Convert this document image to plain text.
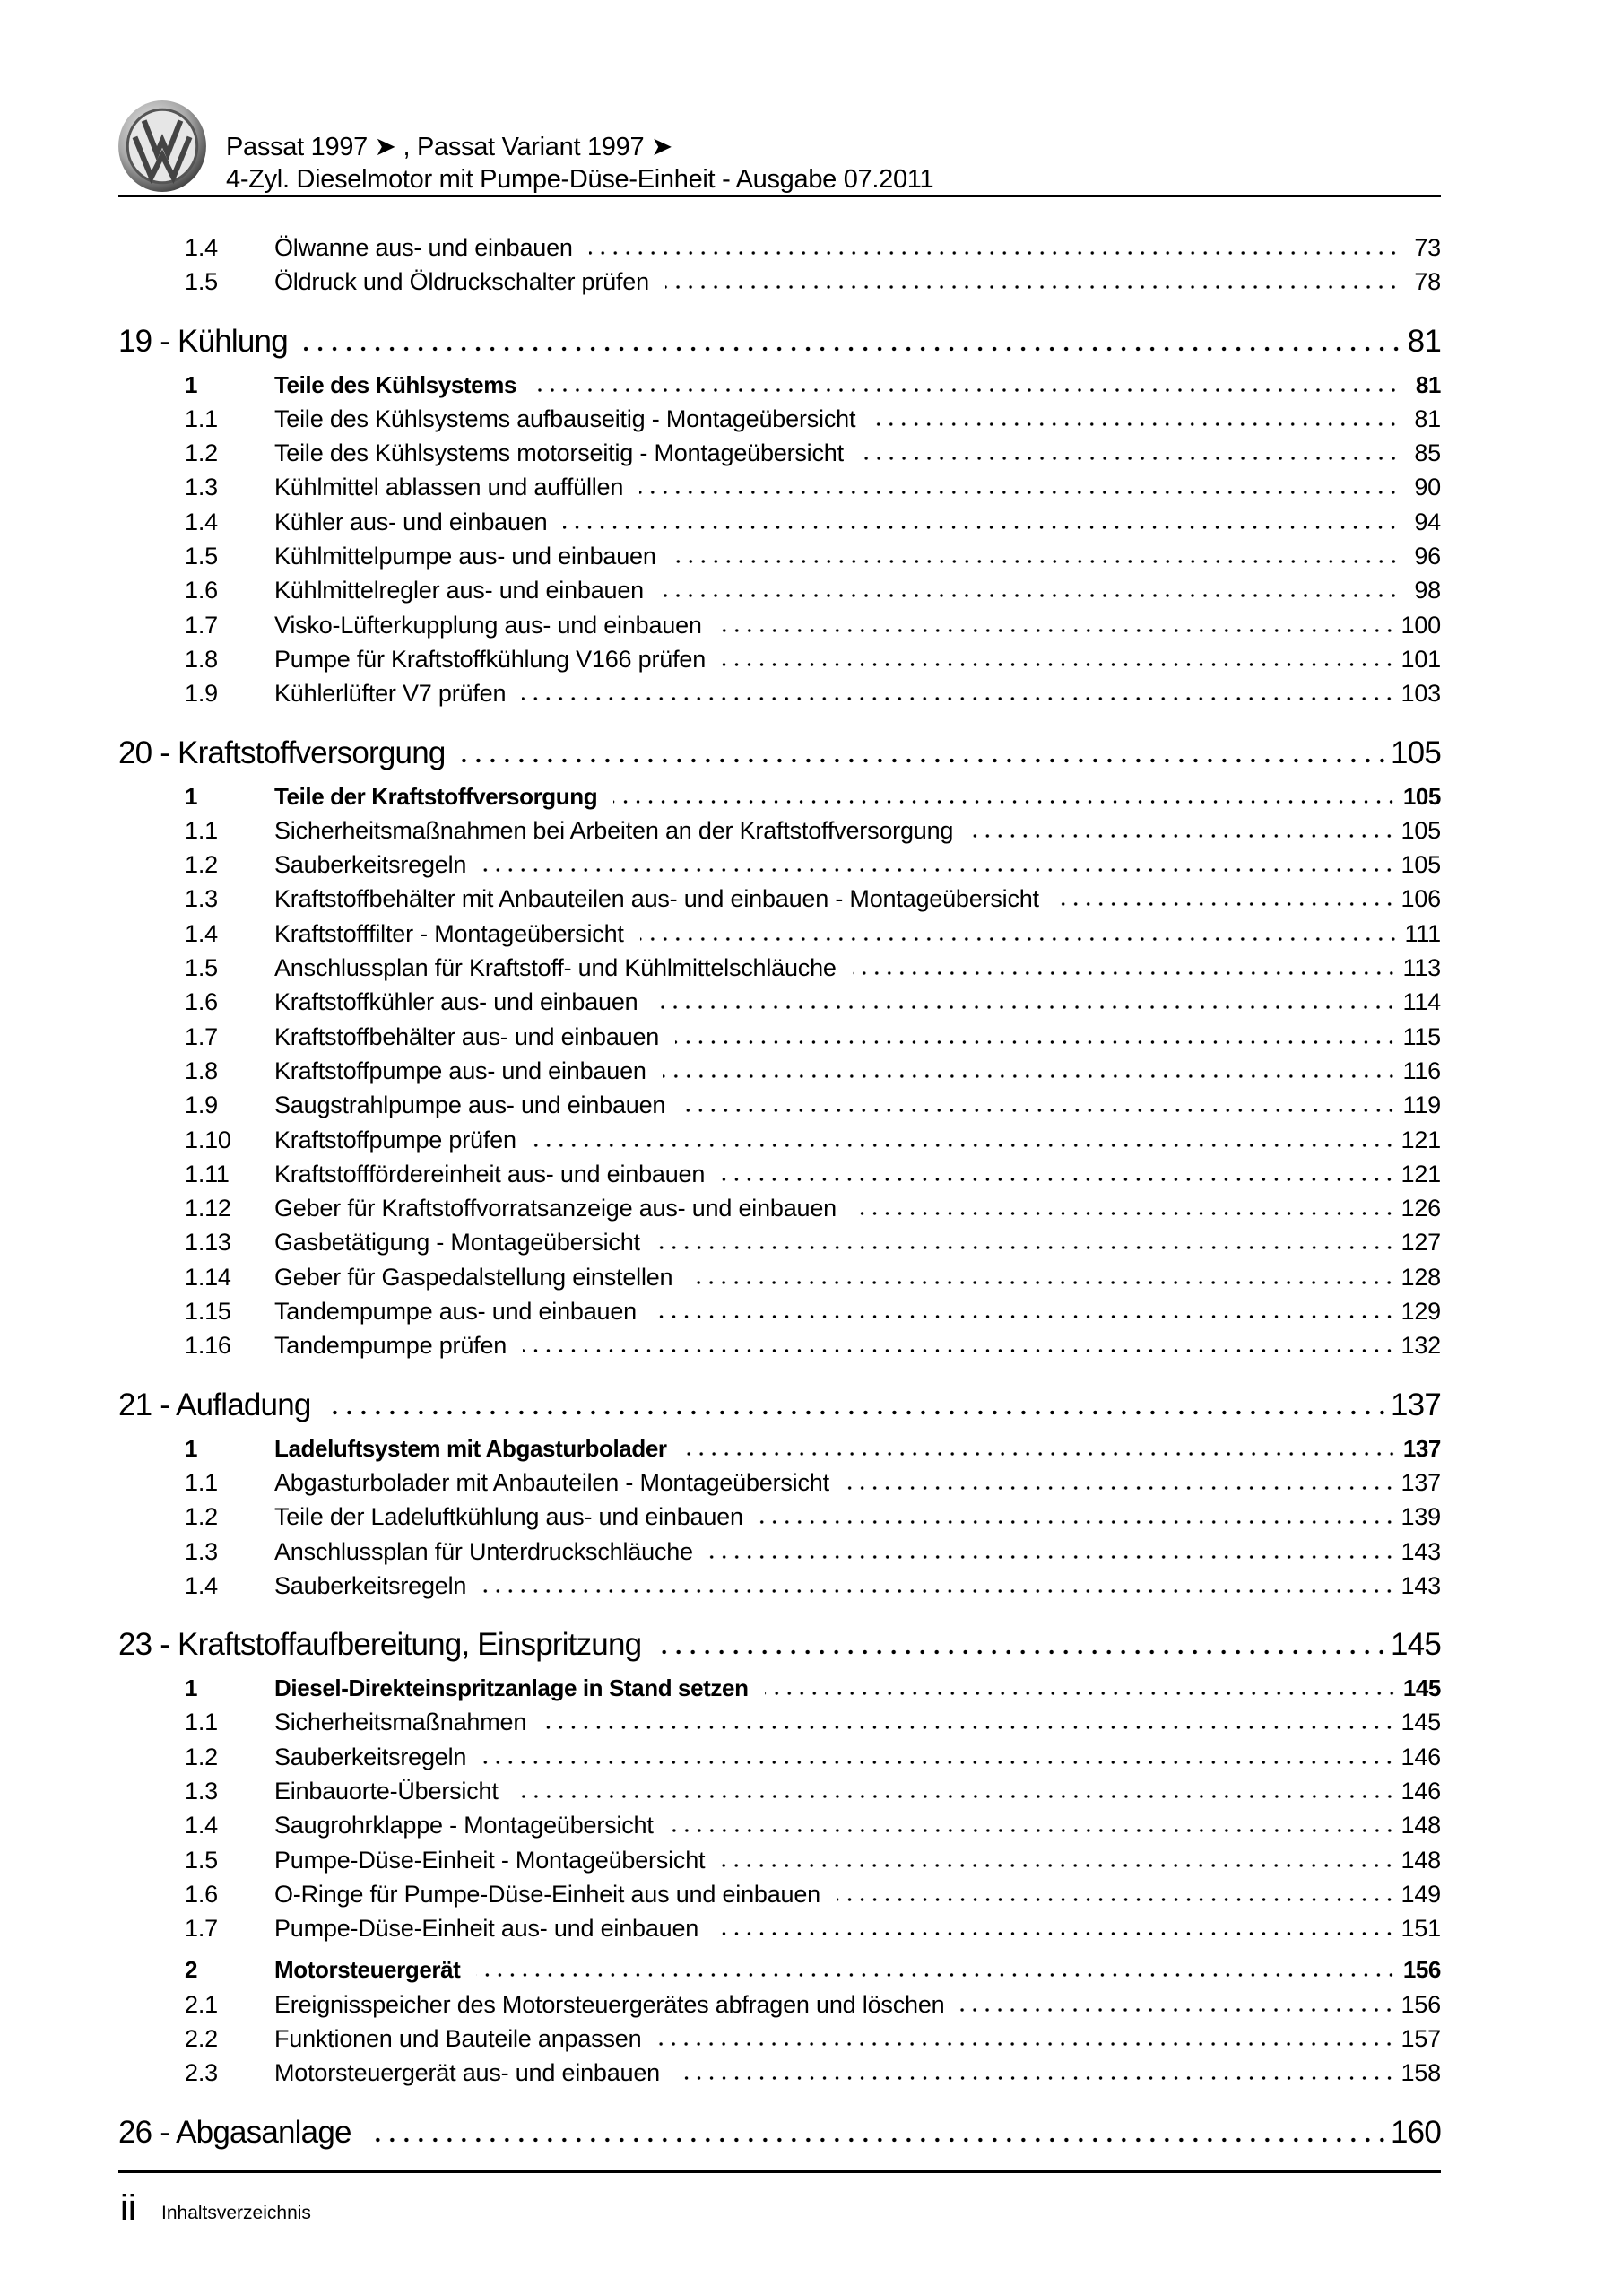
Passat 1997 ➤ , Passat Variant 1997 ➤
4-Zyl. Dieselmotor mit Pumpe-Düse-Einheit - Ausgabe 07.2011
1.4	Ölwanne aus- und einbauen	73
1.5	Öldruck und Öldruckschalter prüfen	78
19 - Kühlung	81
1	Teile des Kühlsystems	81
1.1	Teile des Kühlsystems aufbauseitig - Montageübersicht	81
1.2	Teile des Kühlsystems motorseitig - Montageübersicht	85
1.3	Kühlmittel ablassen und auffüllen	90
1.4	Kühler aus- und einbauen	94
1.5	Kühlmittelpumpe aus- und einbauen	96
1.6	Kühlmittelregler aus- und einbauen	98
1.7	Visko-Lüfterkupplung aus- und einbauen	100
1.8	Pumpe für Kraftstoffkühlung V166 prüfen	101
1.9	Kühlerlüfter V7 prüfen	103
20 - Kraftstoffversorgung	105
1	Teile der Kraftstoffversorgung	105
1.1	Sicherheitsmaßnahmen bei Arbeiten an der Kraftstoffversorgung	105
1.2	Sauberkeitsregeln	105
1.3	Kraftstoffbehälter mit Anbauteilen aus- und einbauen - Montageübersicht	106
1.4	Kraftstofffilter - Montageübersicht	111
1.5	Anschlussplan für Kraftstoff- und Kühlmittelschläuche	113
1.6	Kraftstoffkühler aus- und einbauen	114
1.7	Kraftstoffbehälter aus- und einbauen	115
1.8	Kraftstoffpumpe aus- und einbauen	116
1.9	Saugstrahlpumpe aus- und einbauen	119
1.10	Kraftstoffpumpe prüfen	121
1.11	Kraftstofffördereinheit aus- und einbauen	121
1.12	Geber für Kraftstoffvorratsanzeige aus- und einbauen	126
1.13	Gasbetätigung - Montageübersicht	127
1.14	Geber für Gaspedalstellung einstellen	128
1.15	Tandempumpe aus- und einbauen	129
1.16	Tandempumpe prüfen	132
21 - Aufladung	137
1	Ladeluftsystem mit Abgasturbolader	137
1.1	Abgasturbolader mit Anbauteilen - Montageübersicht	137
1.2	Teile der Ladeluftkühlung aus- und einbauen	139
1.3	Anschlussplan für Unterdruckschläuche	143
1.4	Sauberkeitsregeln	143
23 - Kraftstoffaufbereitung, Einspritzung	145
1	Diesel-Direkteinspritzanlage in Stand setzen	145
1.1	Sicherheitsmaßnahmen	145
1.2	Sauberkeitsregeln	146
1.3	Einbauorte-Übersicht	146
1.4	Saugrohrklappe - Montageübersicht	148
1.5	Pumpe-Düse-Einheit - Montageübersicht	148
1.6	O-Ringe für Pumpe-Düse-Einheit aus und einbauen	149
1.7	Pumpe-Düse-Einheit aus- und einbauen	151
2	Motorsteuergerät	156
2.1	Ereignisspeicher des Motorsteuergerätes abfragen und löschen	156
2.2	Funktionen und Bauteile anpassen	157
2.3	Motorsteuergerät aus- und einbauen	158
26 - Abgasanlage	160
ii Inhaltsverzeichnis
